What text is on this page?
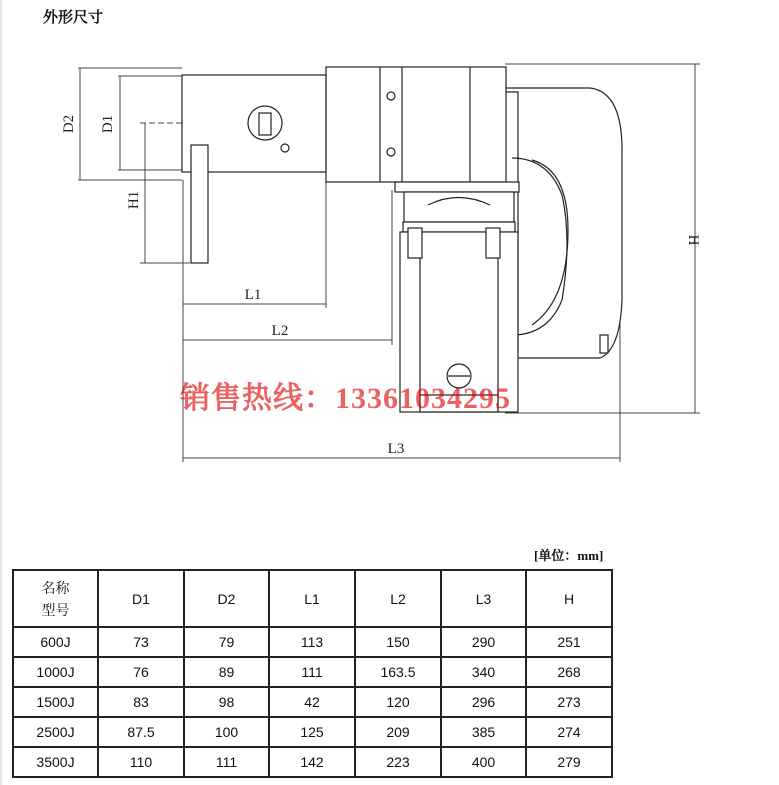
外形尺寸
D2 D1
H1
L1
L2
L3
H
销售热线：13361034295
[单位：mm]
名称
型号	D1	D2	L1	L2	L3	H
600J	73	79	113	150	290	251
1000J	76	89	111	163.5	340	268
1500J	83	98	42	120	296	273
2500J	87.5	100	125	209	385	274
3500J	110	111	142	223	400	279
